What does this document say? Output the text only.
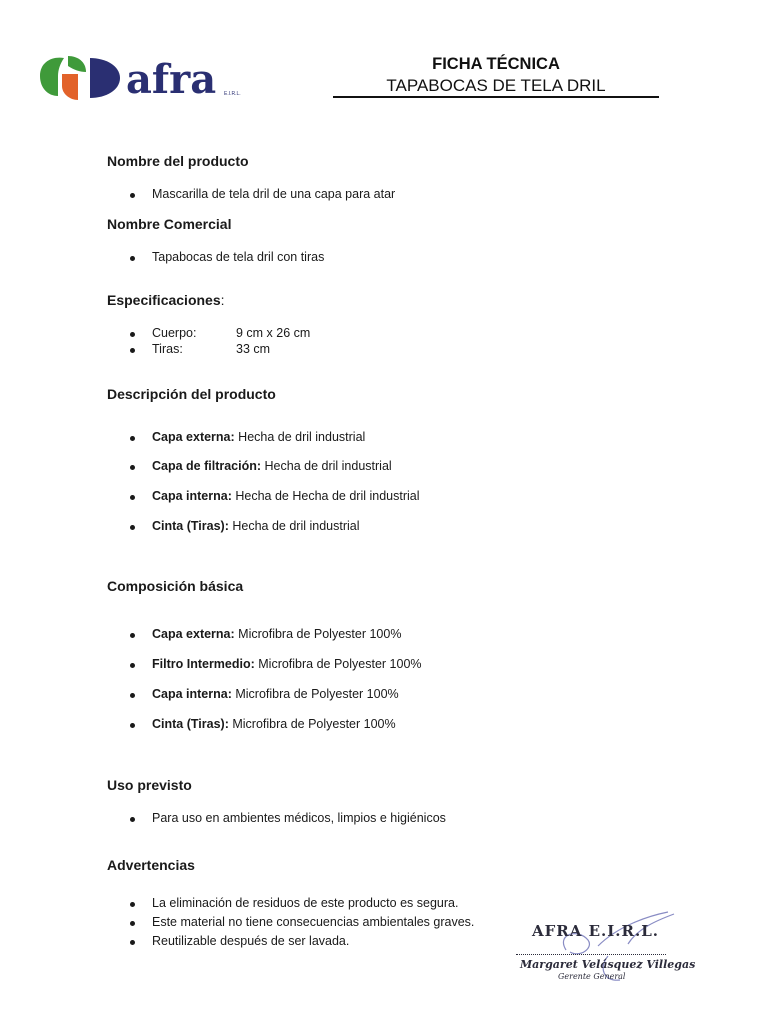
afra E.I.R.L.
FICHA TÉCNICA
TAPABOCAS DE TELA DRIL
Nombre del producto
Mascarilla de tela dril de una capa para atar
Nombre Comercial
Tapabocas de tela dril con tiras
Especificaciones:
Cuerpo:	9 cm x 26 cm
Tiras:	33 cm
Descripción del producto
Capa externa: Hecha de dril industrial
Capa de filtración: Hecha de dril industrial
Capa interna: Hecha de Hecha de dril industrial
Cinta (Tiras): Hecha de dril industrial
Composición básica
Capa externa: Microfibra de Polyester 100%
Filtro Intermedio: Microfibra de Polyester 100%
Capa interna: Microfibra de Polyester 100%
Cinta (Tiras): Microfibra de Polyester 100%
Uso previsto
Para uso en ambientes médicos, limpios e higiénicos
Advertencias
La eliminación de residuos de este producto es segura.
Este material no tiene consecuencias ambientales graves.
Reutilizable después de ser lavada.
AFRA E.I.R.L.
Margaret Velásquez Villegas
Gerente General
